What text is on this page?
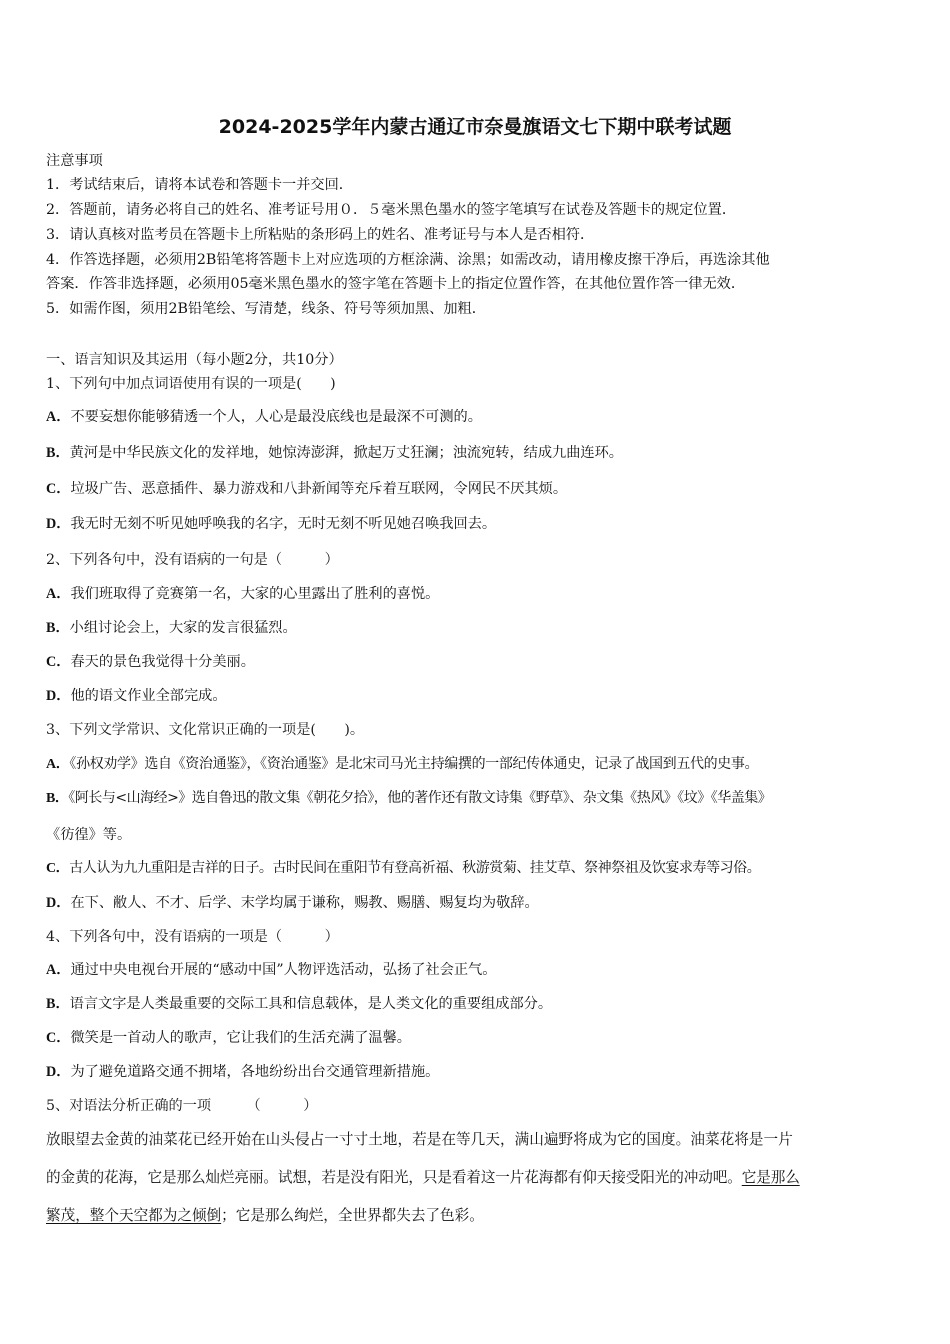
2024-2025学年内蒙古通辽市奈曼旗语文七下期中联考试题
注意事项
1．考试结束后，请将本试卷和答题卡一并交回．
2．答题前，请务必将自己的姓名、准考证号用０．５毫米黑色墨水的签字笔填写在试卷及答题卡的规定位置．
3．请认真核对监考员在答题卡上所粘贴的条形码上的姓名、准考证号与本人是否相符．
4．作答选择题，必须用2B铅笔将答题卡上对应选项的方框涂满、涂黑；如需改动，请用橡皮擦干净后，再选涂其他
答案．作答非选择题，必须用05毫米黑色墨水的签字笔在答题卡上的指定位置作答，在其他位置作答一律无效．
5．如需作图，须用2B铅笔绘、写清楚，线条、符号等须加黑、加粗．
一、语言知识及其运用（每小题2分，共10分）
1、下列句中加点词语使用有误的一项是(　　)
A．不要妄想你能够猜透一个人，人心是最没底线也是最深不可测的。
B．黄河是中华民族文化的发祥地，她惊涛澎湃，掀起万丈狂澜；浊流宛转，结成九曲连环。
C．垃圾广告、恶意插件、暴力游戏和八卦新闻等充斥着互联网，令网民不厌其烦。
D．我无时无刻不听见她呼唤我的名字，无时无刻不听见她召唤我回去。
2、下列各句中，没有语病的一句是（　　　）
A．我们班取得了竞赛第一名，大家的心里露出了胜利的喜悦。
B．小组讨论会上，大家的发言很猛烈。
C．春天的景色我觉得十分美丽。
D．他的语文作业全部完成。
3、下列文学常识、文化常识正确的一项是(　　)。
A．《孙权劝学》选自《资治通鉴》，《资治通鉴》是北宋司马光主持编撰的一部纪传体通史，记录了战国到五代的史事。
B．《阿长与<山海经>》选自鲁迅的散文集《朝花夕拾》，他的著作还有散文诗集《野草》、杂文集《热风》《坟》《华盖集》
《彷徨》等。
C．古人认为九九重阳是吉祥的日子。古时民间在重阳节有登高祈福、秋游赏菊、挂艾草、祭神祭祖及饮宴求寿等习俗。
D．在下、敝人、不才、后学、末学均属于谦称，赐教、赐膳、赐复均为敬辞。
4、下列各句中，没有语病的一项是（　　　）
A．通过中央电视台开展的“感动中国”人物评选活动，弘扬了社会正气。
B．语言文字是人类最重要的交际工具和信息载体，是人类文化的重要组成部分。
C．微笑是一首动人的歌声，它让我们的生活充满了温馨。
D．为了避免道路交通不拥堵，各地纷纷出台交通管理新措施。
5、对语法分析正确的一项　　　（　　　）
放眼望去金黄的油菜花已经开始在山头侵占一寸寸土地，若是在等几天，满山遍野将成为它的国度。油菜花将是一片
的金黄的花海，它是那么灿烂亮丽。试想，若是没有阳光，只是看着这一片花海都有仰天接受阳光的冲动吧。它是那么
繁茂，整个天空都为之倾倒；它是那么绚烂，全世界都失去了色彩。
